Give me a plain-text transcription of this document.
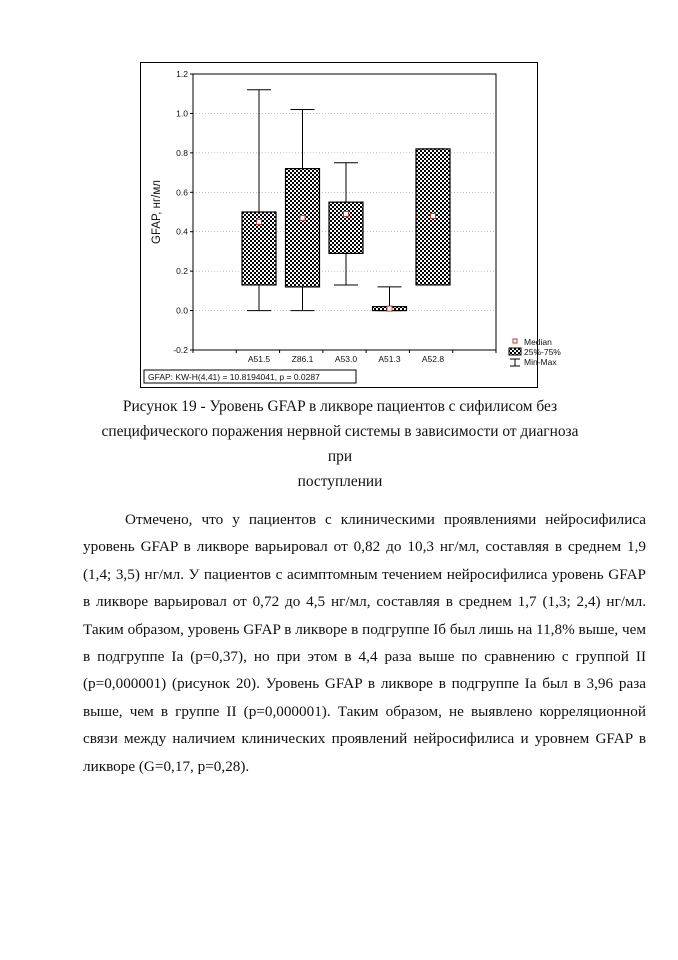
-0.2
0.0
0.2
0.4
0.6
0.8
1.0
1.2
A51.5	Z86.1	A53.0	A51.3	A52.8
GFAP, нг/мл
GFAP: KW-H(4,41) = 10.8194041, p = 0.0287
Median
25%-75%
Min-Max

Рисунок 19 - Уровень GFAP в ликворе пациентов с сифилисом без

специфического поражения нервной системы в зависимости от диагноза при

поступлении

Отмечено, что у пациентов с клиническими проявлениями нейросифилиса уровень GFAP в ликворе варьировал от 0,82 до 10,3 нг/мл, составляя в среднем 1,9 (1,4; 3,5) нг/мл. У пациентов с асимптомным течением нейросифилиса уровень GFAP в ликворе варьировал от 0,72 до 4,5 нг/мл, составляя в среднем 1,7 (1,3; 2,4) нг/мл. Таким образом, уровень GFAP в ликворе в подгруппе Iб был лишь на 11,8% выше, чем в подгруппе Iа (р=0,37), но при этом в 4,4 раза выше по сравнению с группой II (р=0,000001) (рисунок 20). Уровень GFAP в ликворе в подгруппе Iа был в 3,96 раза выше, чем в группе II (р=0,000001). Таким образом, не выявлено корреляционной связи между наличием клинических проявлений нейросифилиса и уровнем GFAP в ликворе (G=0,17, р=0,28).
